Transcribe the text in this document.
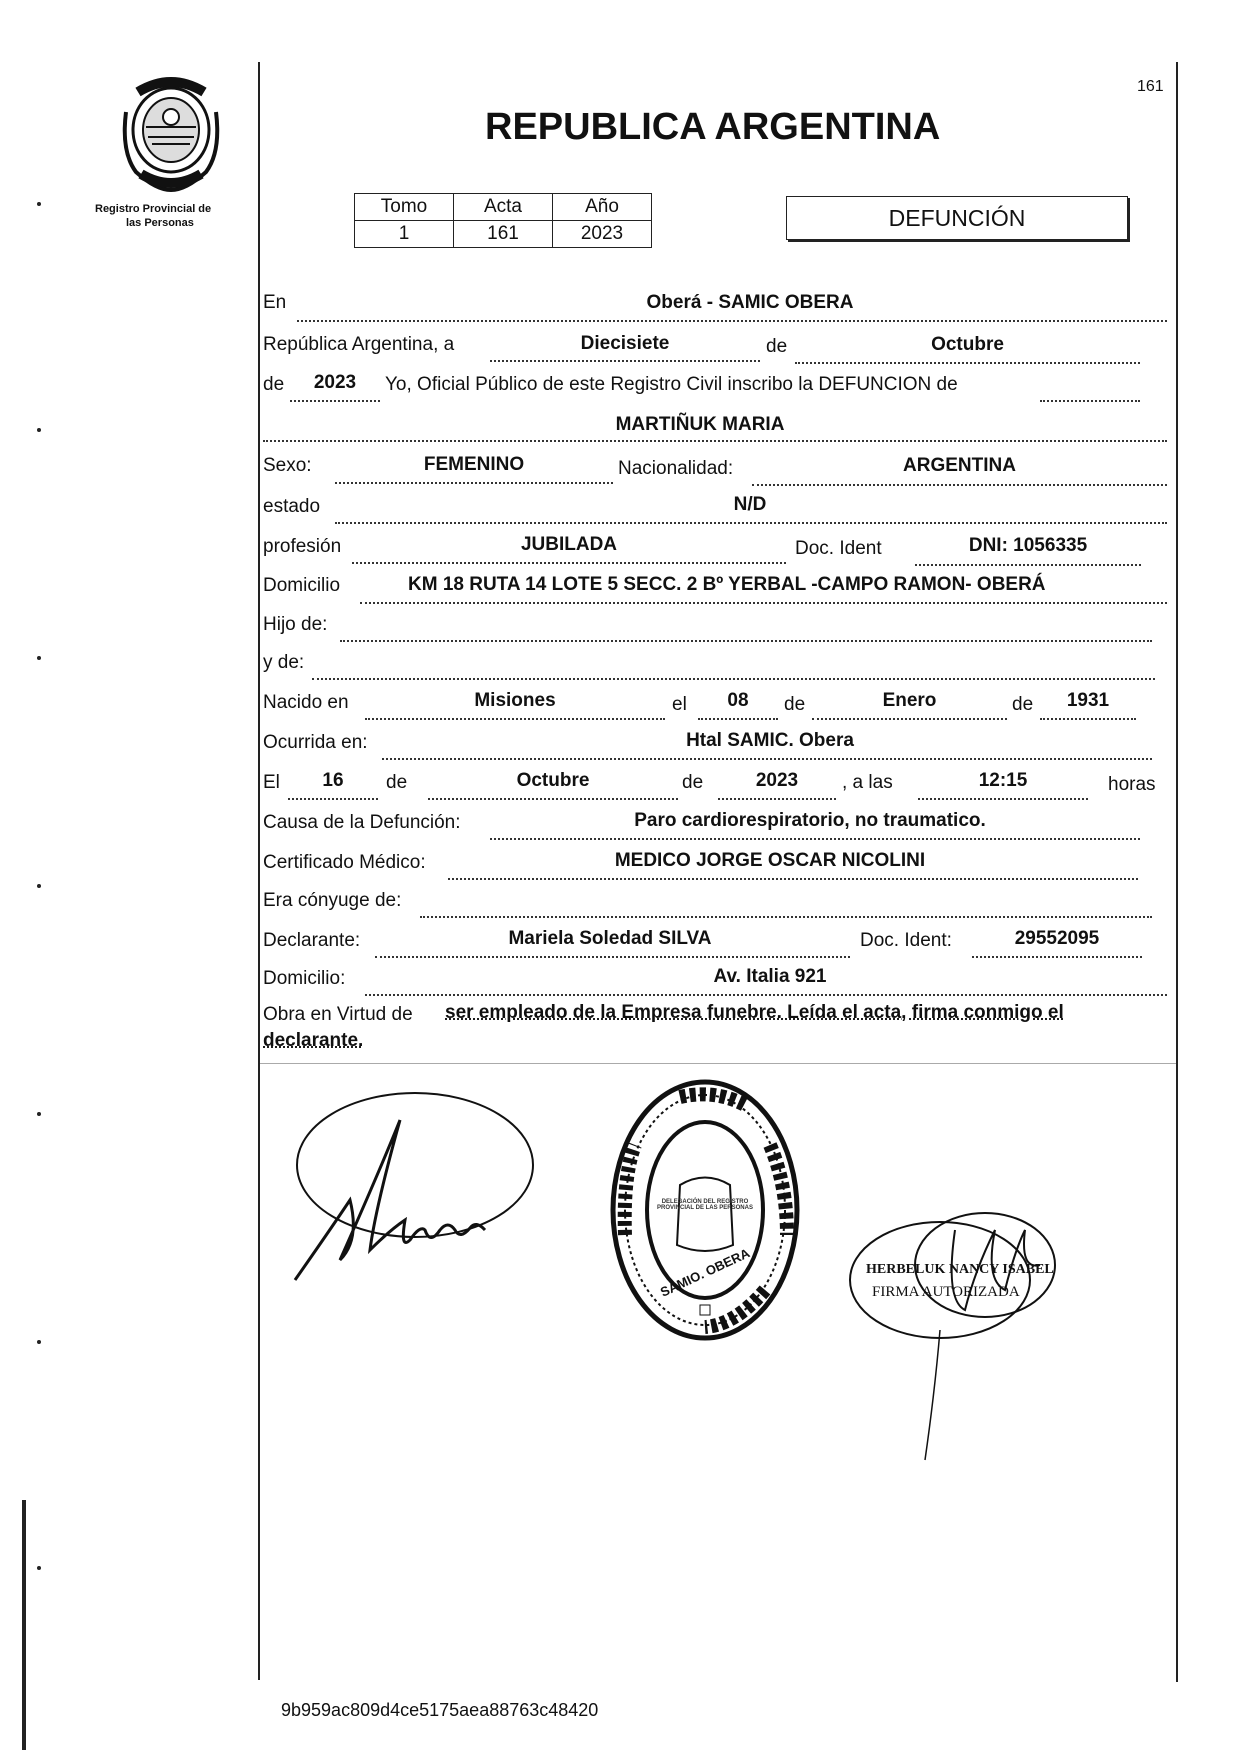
Registro Provincial de
las Personas
161
REPUBLICA ARGENTINA
Tomo	Acta	Año
1	161	2023
DEFUNCIÓN
En	Oberá - SAMIC OBERA
República Argentina, a	Diecisiete	de	Octubre
de	2023	Yo, Oficial Público de este Registro Civil inscribo la DEFUNCION de
MARTIÑUK MARIA
Sexo:	FEMENINO	Nacionalidad:	ARGENTINA
estado	N/D
profesión	JUBILADA	Doc. Ident	DNI: 1056335
Domicilio	KM 18 RUTA 14 LOTE 5 SECC. 2 Bº YERBAL -CAMPO RAMON- OBERÁ
Hijo de:
y de:
Nacido en	Misiones	el	08	de	Enero	de	1931
Ocurrida en:	Htal SAMIC. Obera
El	16	de	Octubre	de	2023	, a las	12:15	horas
Causa de la Defunción:	Paro cardiorespiratorio, no traumatico.
Certificado Médico:	MEDICO JORGE OSCAR NICOLINI
Era cónyuge de:
Declarante:	Mariela Soledad SILVA	Doc. Ident:	29552095
Domicilio:	Av. Italia 921
Obra en Virtud de ser empleado de la Empresa funebre. Leída el acta, firma conmigo el
declarante.
DELEGACIÓN DEL REGISTRO PROVINCIAL DE LAS PERSONAS
SAMIO. OBERA	HERBELUK NANCY ISABEL
FIRMA AUTORIZADA
9b959ac809d4ce5175aea88763c48420
